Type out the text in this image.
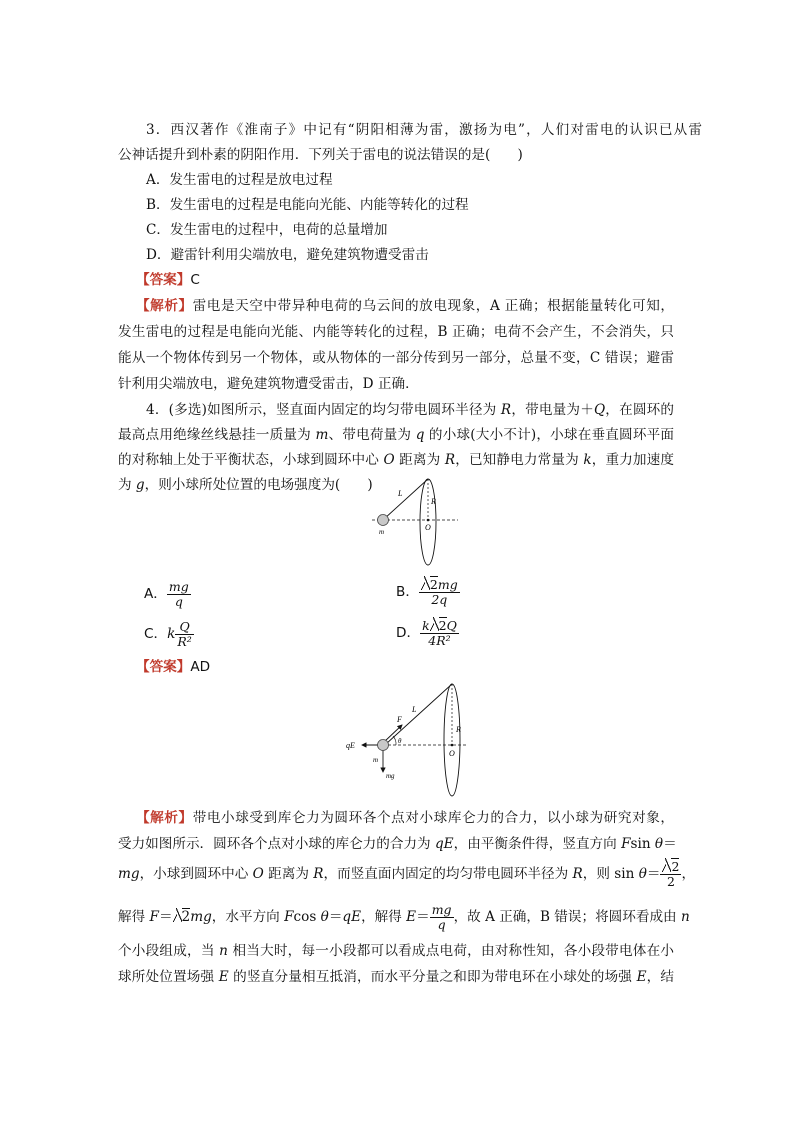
3．西汉著作《淮南子》中记有“阴阳相薄为雷，激扬为电”，人们对雷电的认识已从雷
公神话提升到朴素的阴阳作用．下列关于雷电的说法错误的是(　　)
A．发生雷电的过程是放电过程
B．发生雷电的过程是电能向光能、内能等转化的过程
C．发生雷电的过程中，电荷的总量增加
D．避雷针利用尖端放电，避免建筑物遭受雷击
【答案】C
【解析】雷电是天空中带异种电荷的乌云间的放电现象，A 正确；根据能量转化可知，
发生雷电的过程是电能向光能、内能等转化的过程，B 正确；电荷不会产生，不会消失，只
能从一个物体传到另一个物体，或从物体的一部分传到另一部分，总量不变，C 错误；避雷
针利用尖端放电，避免建筑物遭受雷击，D 正确．
4．(多选)如图所示，竖直面内固定的均匀带电圆环半径为 R，带电量为＋Q，在圆环的
最高点用绝缘丝线悬挂一质量为 m、带电荷量为 q 的小球(大小不计)，小球在垂直圆环平面
的对称轴上处于平衡状态，小球到圆环中心 O 距离为 R，已知静电力常量为 k，重力加速度
为 g，则小球所处位置的电场强度为(　　)
L
R
O
m
A． $\frac{mg}{q}$	B． $\frac{2mg}{2q}$
C．k $\frac{Q}{\text{R²}}$	D． $\frac{k 2Q}{\text{4R²}}$
【答案】AD
qE
F
L
θ
R
O
m
mg
【解析】带电小球受到库仑力为圆环各个点对小球库仑力的合力，以小球为研究对象，
受力如图所示．圆环各个点对小球的库仑力的合力为 qE，由平衡条件得，竖直方向 Fsin θ＝
mg，小球到圆环中心 O 距离为 R，而竖直面内固定的均匀带电圆环半径为 R，则 $\sin \theta= \frac{2}{2}$ ，
解得 F＝ 2mg，水平方向 Fcos θ＝qE，解得 $E= \frac{mg}{q}$ ，故 A 正确，B 错误；将圆环看成由 n
个小段组成，当 n 相当大时，每一小段都可以看成点电荷，由对称性知，各小段带电体在小
球所处位置场强 E 的竖直分量相互抵消，而水平分量之和即为带电环在小球处的场强 E，结
